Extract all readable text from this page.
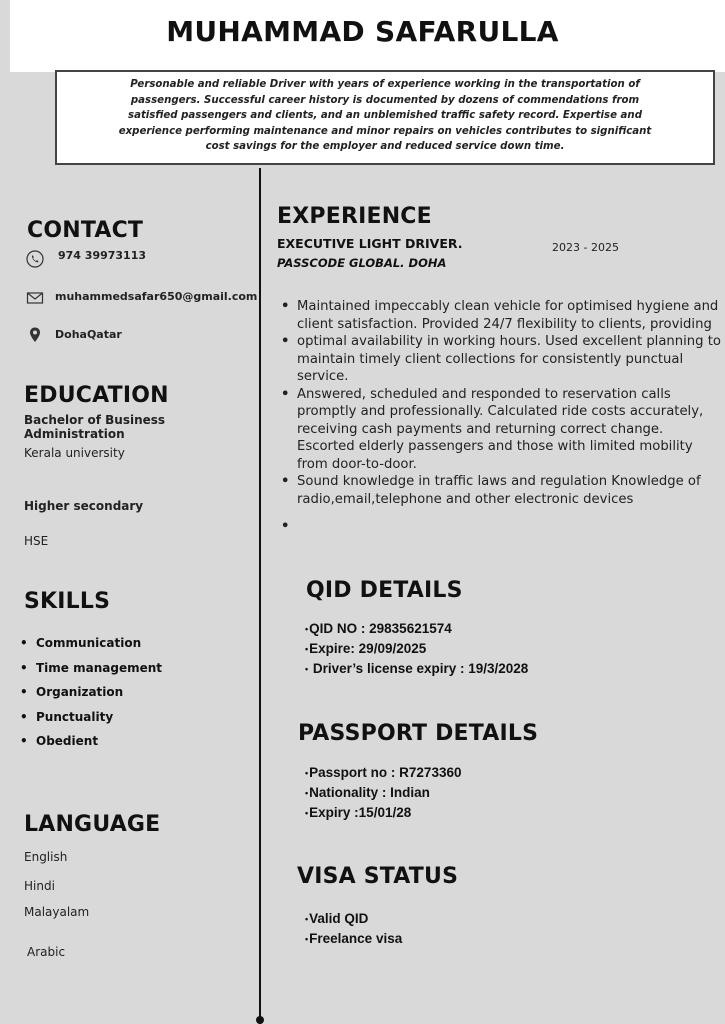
MUHAMMAD SAFARULLA
Personable and reliable Driver with years of experience working in the transportation of passengers. Successful career history is documented by dozens of commendations from satisfied passengers and clients, and an unblemished traffic safety record. Expertise and experience performing maintenance and minor repairs on vehicles contributes to significant cost savings for the employer and reduced service down time.
CONTACT
974 39973113
muhammedsafar650@gmail.com
DohaQatar
EDUCATION
Bachelor of Business Administration
Kerala university
Higher secondary
HSE
SKILLS
• Communication
• Time management
• Organization
• Punctuality
• Obedient
LANGUAGE
English
Hindi
Malayalam
Arabic
EXPERIENCE
EXECUTIVE LIGHT DRIVER.	2023 - 2025
PASSCODE GLOBAL. DOHA
• Maintained impeccably clean vehicle for optimised hygiene and client satisfaction. Provided 24/7 flexibility to clients, providing
• optimal availability in working hours. Used excellent planning to maintain timely client collections for consistently punctual service.
• Answered, scheduled and responded to reservation calls promptly and professionally. Calculated ride costs accurately, receiving cash payments and returning correct change. Escorted elderly passengers and those with limited mobility from door-to-door.
• Sound knowledge in traffic laws and regulation Knowledge of radio,email,telephone and other electronic devices
•
QID DETAILS
•QID NO : 29835621574
•Expire: 29/09/2025
• Driver’s license expiry : 19/3/2028
PASSPORT DETAILS
•Passport no : R7273360
•Nationality : Indian
•Expiry :15/01/28
VISA STATUS
•Valid QID
•Freelance visa
